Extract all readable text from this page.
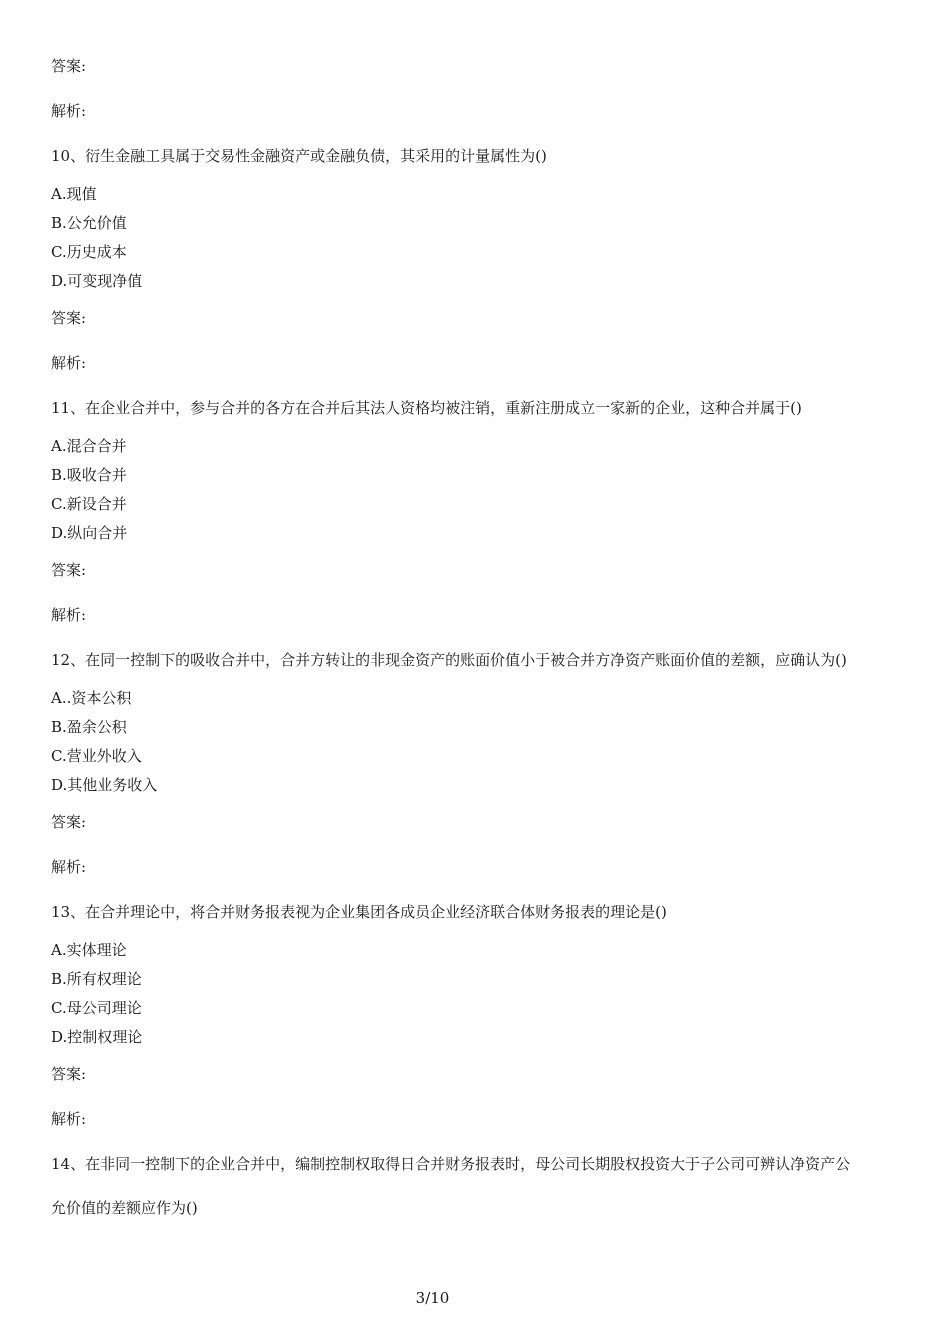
答案:
解析:
10、衍生金融工具属于交易性金融资产或金融负债，其采用的计量属性为()
A.现值
B.公允价值
C.历史成本
D.可变现净值
答案:
解析:
11、在企业合并中，参与合并的各方在合并后其法人资格均被注销，重新注册成立一家新的企业，这种合并属于()
A.混合合并
B.吸收合并
C.新设合并
D.纵向合并
答案:
解析:
12、在同一控制下的吸收合并中，合并方转让的非现金资产的账面价值小于被合并方净资产账面价值的差额，应确认为()
A..资本公积
B.盈余公积
C.营业外收入
D.其他业务收入
答案:
解析:
13、在合并理论中，将合并财务报表视为企业集团各成员企业经济联合体财务报表的理论是()
A.实体理论
B.所有权理论
C.母公司理论
D.控制权理论
答案:
解析:
14、在非同一控制下的企业合并中，编制控制权取得日合并财务报表时，母公司长期股权投资大于子公司可辨认净资产公
允价值的差额应作为()
3/10
